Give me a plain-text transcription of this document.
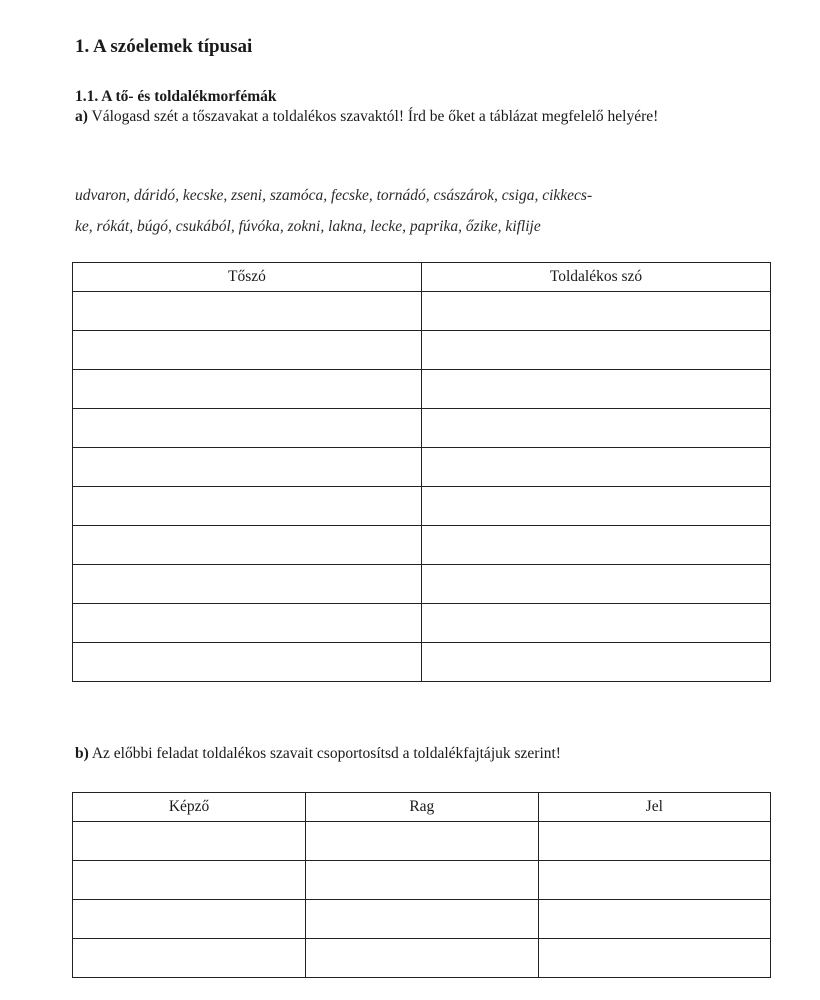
1. A szóelemek típusai
1.1. A tő- és toldalékmorfémák
a) Válogasd szét a tőszavakat a toldalékos szavaktól! Írd be őket a táblázat megfelelő helyére!
udvaron, dáridó, kecske, zseni, szamóca, fecske, tornádó, császárok, csiga, cikkecs-
ke, rókát, búgó, csukából, fúvóka, zokni, lakna, lecke, paprika, őzike, kiflije
Tőszó	Toldalékos szó

b) Az előbbi feladat toldalékos szavait csoportosítsd a toldalékfajtájuk szerint!
Képző	Rag	Jel
